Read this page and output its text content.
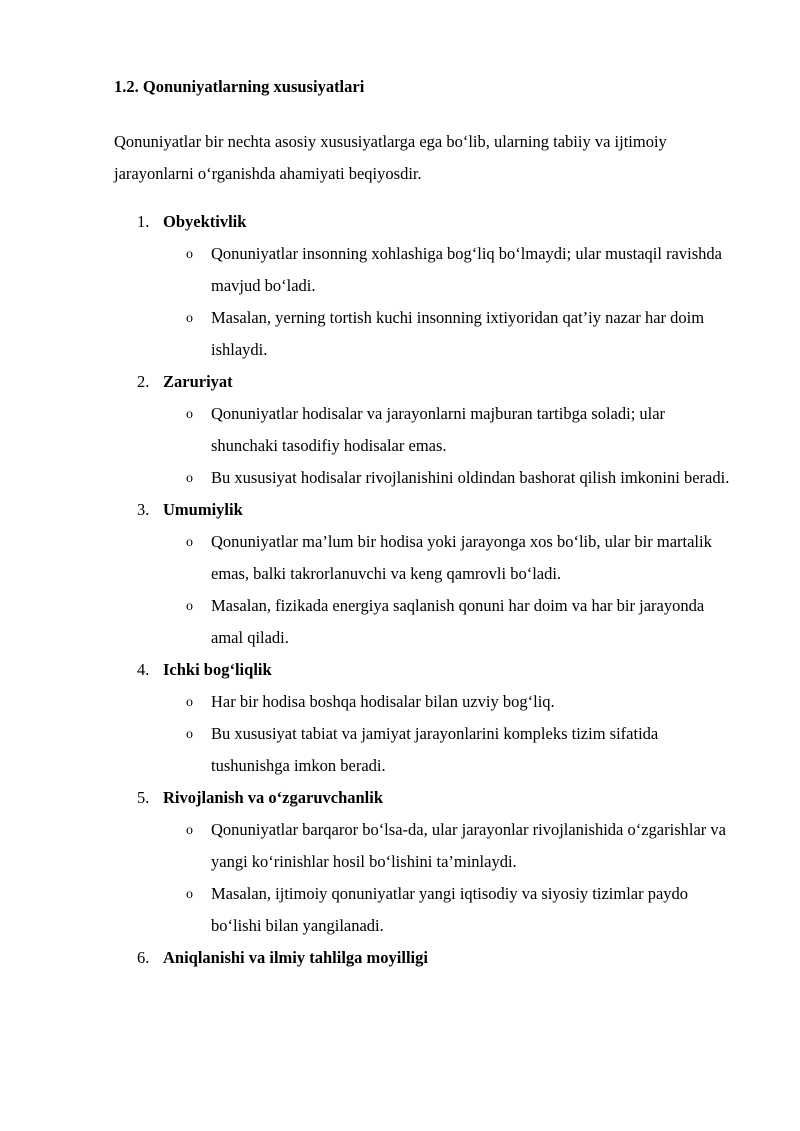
1.2. Qonuniyatlarning xususiyatlari

Qonuniyatlar bir nechta asosiy xususiyatlarga ega bo‘lib, ularning tabiiy va ijtimoiy jarayonlarni o‘rganishda ahamiyati beqiyosdir.

1. Obyektivlik
o Qonuniyatlar insonning xohlashiga bog‘liq bo‘lmaydi; ular mustaqil ravishda mavjud bo‘ladi.
o Masalan, yerning tortish kuchi insonning ixtiyoridan qat’iy nazar har doim ishlaydi.
2. Zaruriyat
o Qonuniyatlar hodisalar va jarayonlarni majburan tartibga soladi; ular shunchaki tasodifiy hodisalar emas.
o Bu xususiyat hodisalar rivojlanishini oldindan bashorat qilish imkonini beradi.
3. Umumiylik
o Qonuniyatlar ma’lum bir hodisa yoki jarayonga xos bo‘lib, ular bir martalik emas, balki takrorlanuvchi va keng qamrovli bo‘ladi.
o Masalan, fizikada energiya saqlanish qonuni har doim va har bir jarayonda amal qiladi.
4. Ichki bog‘liqlik
o Har bir hodisa boshqa hodisalar bilan uzviy bog‘liq.
o Bu xususiyat tabiat va jamiyat jarayonlarini kompleks tizim sifatida tushunishga imkon beradi.
5. Rivojlanish va o‘zgaruvchanlik
o Qonuniyatlar barqaror bo‘lsa-da, ular jarayonlar rivojlanishida o‘zgarishlar va yangi ko‘rinishlar hosil bo‘lishini ta’minlaydi.
o Masalan, ijtimoiy qonuniyatlar yangi iqtisodiy va siyosiy tizimlar paydo bo‘lishi bilan yangilanadi.
6. Aniqlanishi va ilmiy tahlilga moyilligi
